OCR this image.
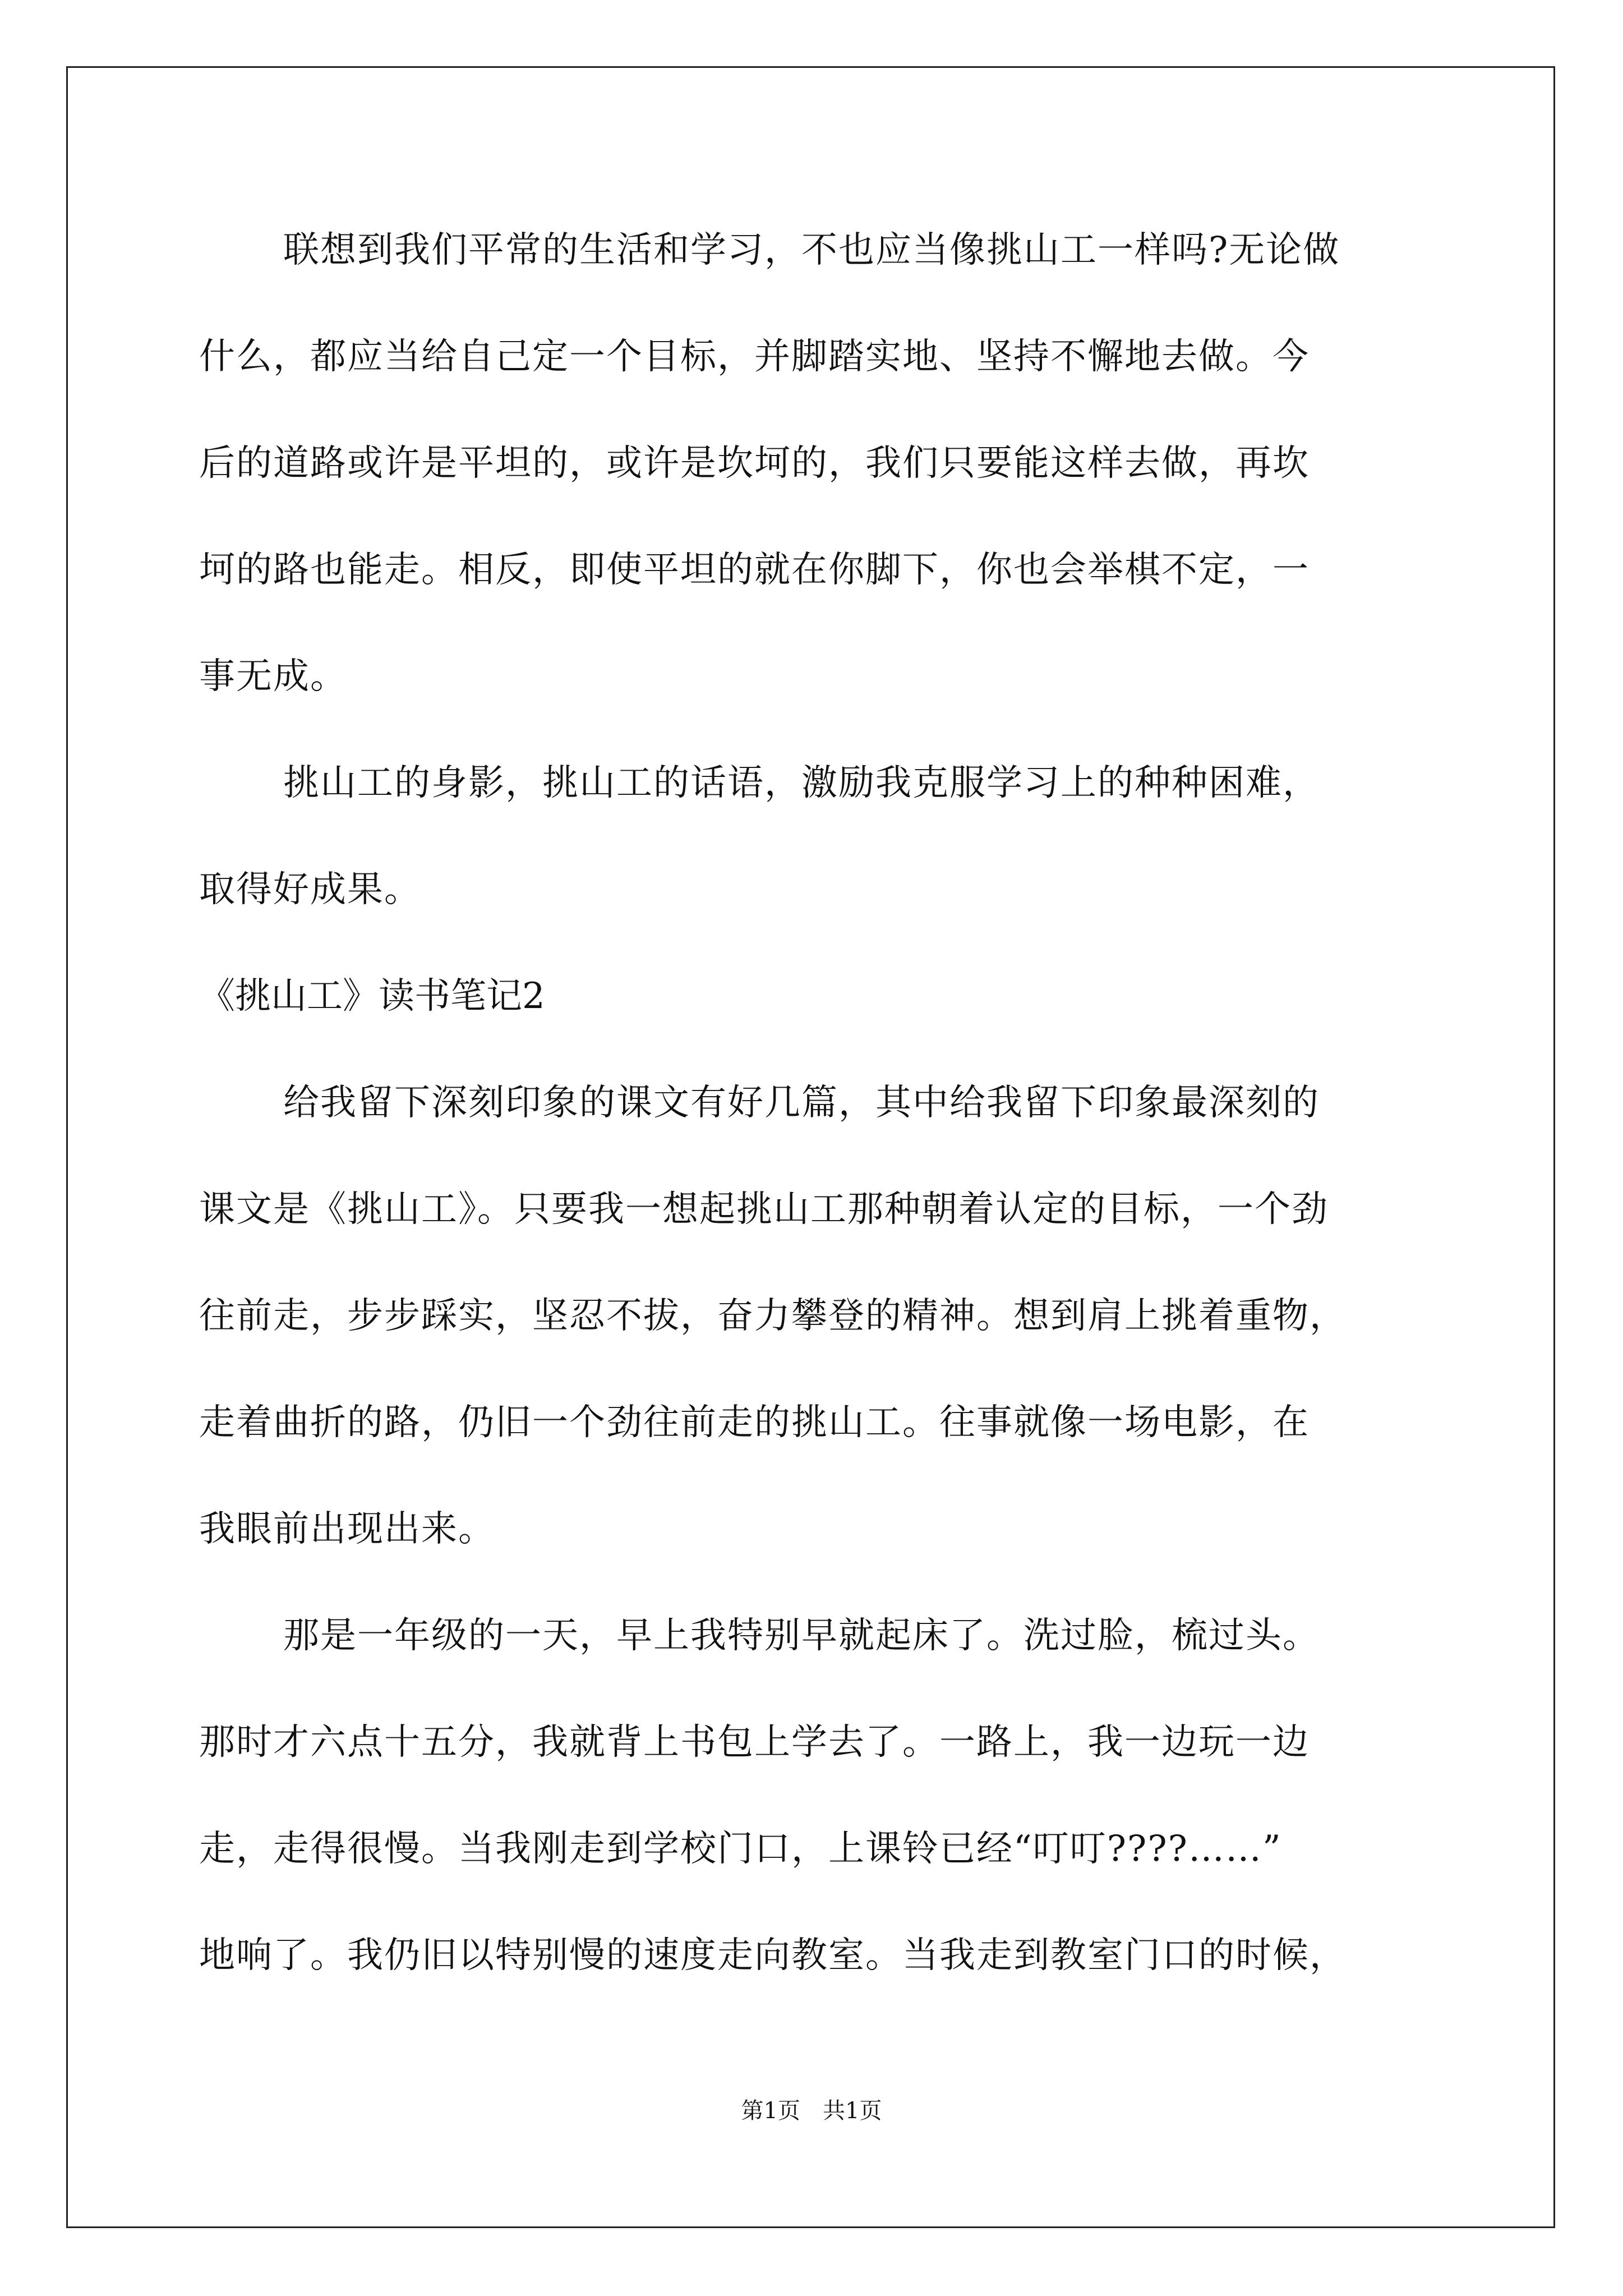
联想到我们平常的生活和学习，不也应当像挑山工一样吗?无论做
什么，都应当给自己定一个目标，并脚踏实地、坚持不懈地去做。今
后的道路或许是平坦的，或许是坎坷的，我们只要能这样去做，再坎
坷的路也能走。相反，即使平坦的就在你脚下，你也会举棋不定，一
事无成。
挑山工的身影，挑山工的话语，激励我克服学习上的种种困难，
取得好成果。
《挑山工》读书笔记2
给我留下深刻印象的课文有好几篇，其中给我留下印象最深刻的
课文是《挑山工》。只要我一想起挑山工那种朝着认定的目标，一个劲
往前走，步步踩实，坚忍不拔，奋力攀登的精神。想到肩上挑着重物，
走着曲折的路，仍旧一个劲往前走的挑山工。往事就像一场电影，在
我眼前出现出来。
那是一年级的一天，早上我特别早就起床了。洗过脸，梳过头。
那时才六点十五分，我就背上书包上学去了。一路上，我一边玩一边
走，走得很慢。当我刚走到学校门口，上课铃已经“叮叮????……”
地响了。我仍旧以特别慢的速度走向教室。当我走到教室门口的时候，
第1页　共1页
